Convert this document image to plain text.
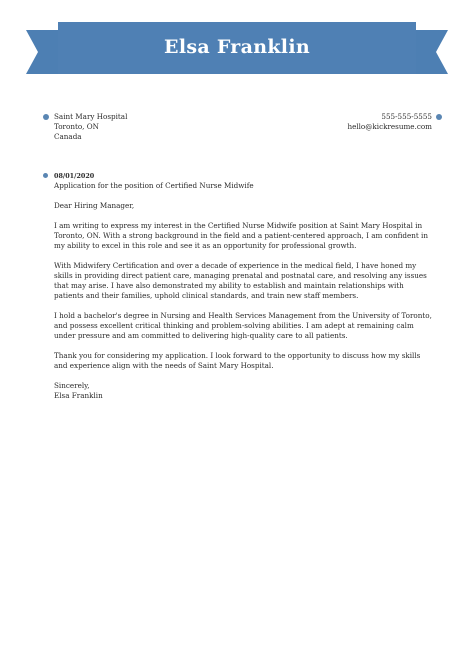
Elsa Franklin
Saint Mary Hospital
Toronto, ON
Canada
555-555-5555
hello@kickresume.com
08/01/2020
Application for the position of Certified Nurse Midwife

Dear Hiring Manager,

I am writing to express my interest in the Certified Nurse Midwife position at Saint Mary Hospital in Toronto, ON. With a strong background in the field and a patient-centered approach, I am confident in my ability to excel in this role and see it as an opportunity for professional growth.

With Midwifery Certification and over a decade of experience in the medical field, I have honed my skills in providing direct patient care, managing prenatal and postnatal care, and resolving any issues that may arise. I have also demonstrated my ability to establish and maintain relationships with patients and their families, uphold clinical standards, and train new staff members.

I hold a bachelor's degree in Nursing and Health Services Management from the University of Toronto, and possess excellent critical thinking and problem-solving abilities. I am adept at remaining calm under pressure and am committed to delivering high-quality care to all patients.

Thank you for considering my application. I look forward to the opportunity to discuss how my skills and experience align with the needs of Saint Mary Hospital.

Sincerely,
Elsa Franklin
